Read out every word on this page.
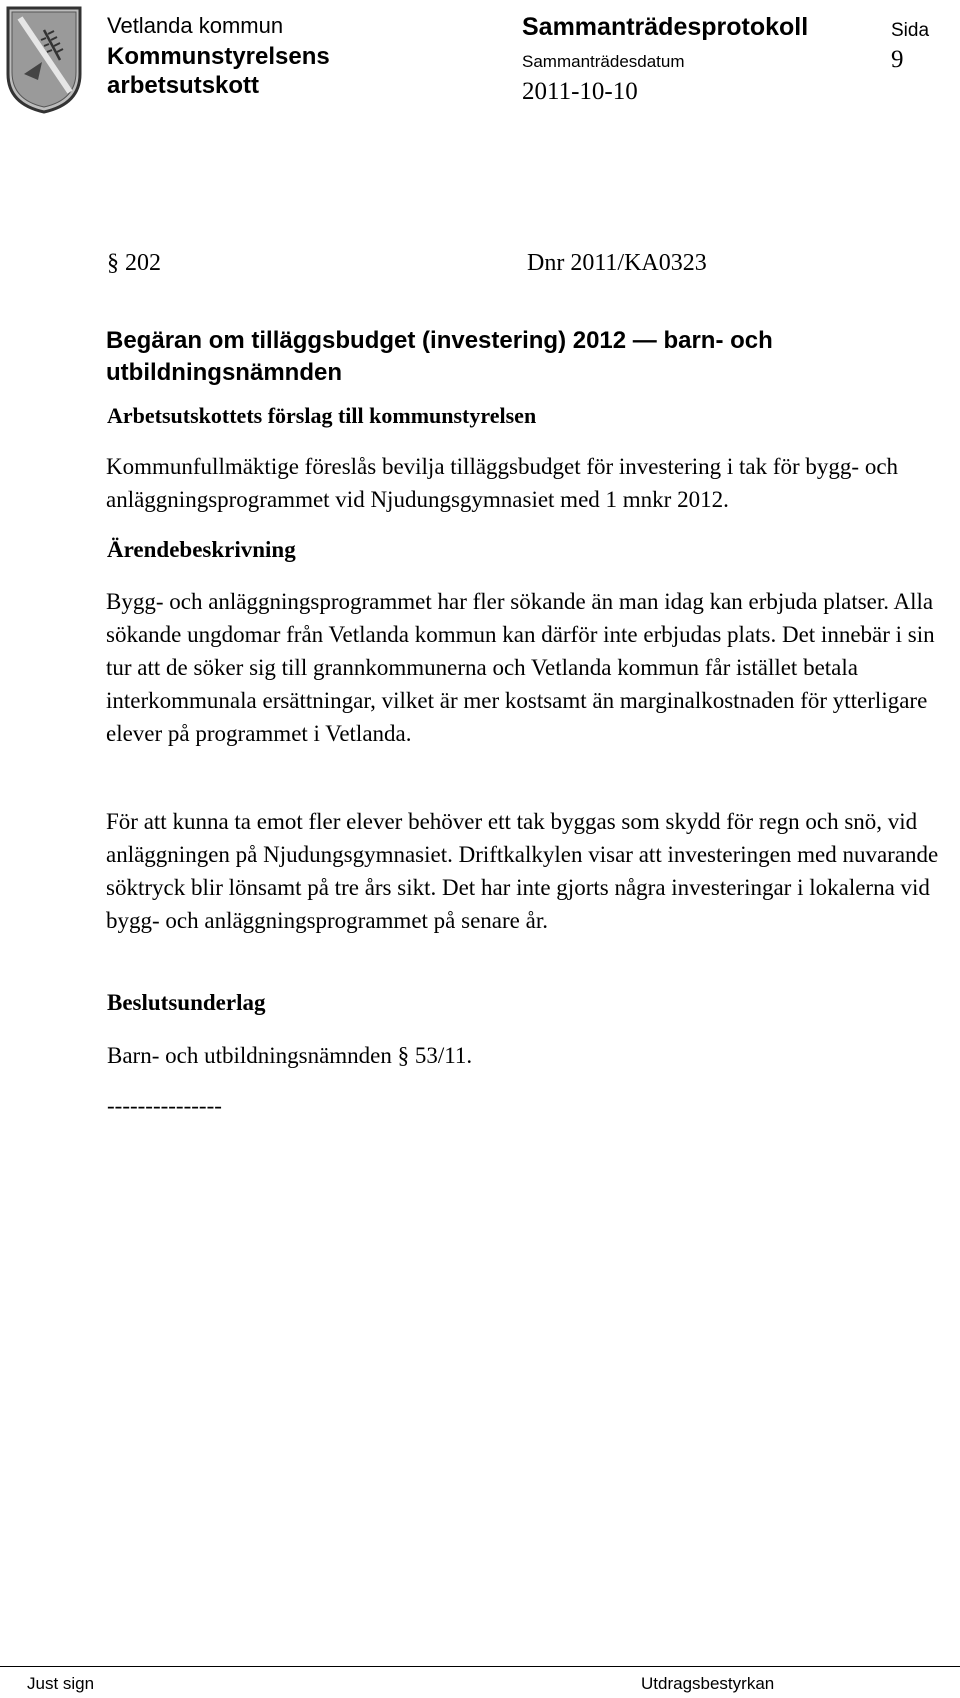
Vetlanda kommun
Kommunstyrelsens
arbetsutskott
Sammanträdesprotokoll
Sammanträdesdatum
2011-10-10
Sida
9
§ 202	Dnr 2011/KA0323
Begäran om tilläggsbudget (investering) 2012 — barn- och utbildningsnämnden
Arbetsutskottets förslag till kommunstyrelsen
Kommunfullmäktige föreslås bevilja tilläggsbudget för investering i tak för bygg- och anläggningsprogrammet vid Njudungsgymnasiet med 1 mnkr 2012.
Ärendebeskrivning
Bygg- och anläggningsprogrammet har fler sökande än man idag kan erbjuda platser. Alla sökande ungdomar från Vetlanda kommun kan därför inte erbjudas plats. Det innebär i sin tur att de söker sig till grannkommunerna och Vetlanda kommun får istället betala interkommunala ersättningar, vilket är mer kostsamt än marginalkostnaden för ytterligare elever på programmet i Vetlanda.
För att kunna ta emot fler elever behöver ett tak byggas som skydd för regn och snö, vid anläggningen på Njudungsgymnasiet. Driftkalkylen visar att investeringen med nuvarande söktryck blir lönsamt på tre års sikt. Det har inte gjorts några investeringar i lokalerna vid bygg- och anläggningsprogrammet på senare år.
Beslutsunderlag
Barn- och utbildningsnämnden § 53/11.
---------------
Just sign	Utdragsbestyrkan
